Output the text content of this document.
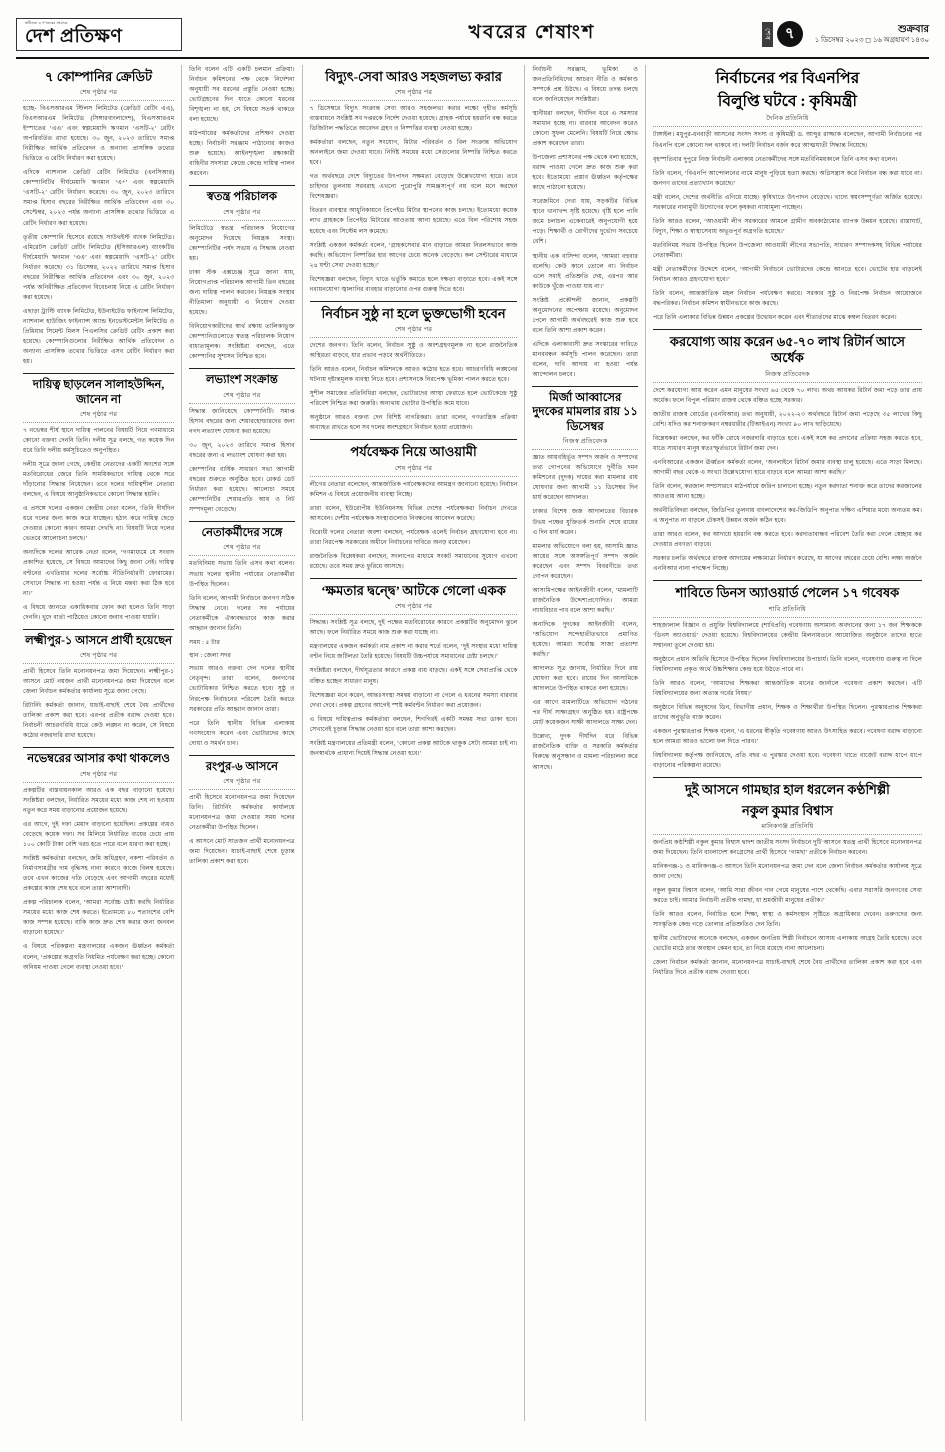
স্বাধীনতা ও গণতন্ত্রের সংগ্রামে
দেশ প্রতিক্ষণ	খবরের শেষাংশ	শেষ ৭	শুক্রবার
১ ডিসেম্বর ২০২৩ ◻ ১৬ অগ্রহায়ণ ১৪৩০
৭ কোম্পানির ক্রেডিট
শেষ পৃষ্ঠার পর

হচ্ছে- বিএসআরএম স্টিলস লিমিটেড (ক্রেডিট রেটিং এএ), বিএসআরএম লিমিটেড (সিঙ্গারবাংলাদেশ), বিএসআরএম ইস্পাতের ‘এএ’ এবং স্বল্পমেয়াদি ঋণমান ‘এসটি-২’ রেটিং অপরিবর্তিত রাখা হয়েছে। ৩০ জুন, ২০২৩ তারিখে সমাপ্ত নিরীক্ষিত আর্থিক প্রতিবেদন ও অন্যান্য প্রাসঙ্গিক তথ্যের ভিত্তিতে এ রেটিং নির্ধারণ করা হয়েছে।

এদিকে ন্যাশনাল ক্রেডিট রেটিং লিমিটেড (এনসিআর) কোম্পানিটির দীর্ঘমেয়াদি ঋণমান ‘এ+’ এবং স্বল্পমেয়াদি ‘এসটি-২’ রেটিং নির্ধারণ করেছে। ৩০ জুন, ২০২৩ তারিখে সমাপ্ত হিসাব বছরের নিরীক্ষিত আর্থিক প্রতিবেদন এবং ৩০ সেপ্টেম্বর, ২০২৩ পর্যন্ত অন্যান্য প্রাসঙ্গিক তথ্যের ভিত্তিতে এ রেটিং নির্ধারণ করা হয়েছে।

তৃতীয় কোম্পানি হিসেবে রয়েছে সাউথইস্ট ব্যাংক লিমিটেড। এমিরেটস ক্রেডিট রেটিং লিমিটেড (ইসিআরএল) ব্যাংকটির দীর্ঘমেয়াদি ঋণমান ‘এএ’ এবং স্বল্পমেয়াদি ‘এসটি-২’ রেটিং নির্ধারণ করেছে। ৩১ ডিসেম্বর, ২০২২ তারিখে সমাপ্ত হিসাব বছরের নিরীক্ষিত আর্থিক প্রতিবেদন এবং ৩০ জুন, ২০২৩ পর্যন্ত অনিরীক্ষিত প্রতিবেদন বিবেচনায় নিয়ে এ রেটিং নির্ধারণ করা হয়েছে।

এছাড়া ট্রাস্টি ব্যাংক লিমিটেড, ইউনাইটেড ফাইন্যান্স লিমিটেড, ন্যাশনাল হাউজিং ফাইন্যান্স অ্যান্ড ইনভেস্টমেন্টস লিমিটেড ও প্রিমিয়ার সিমেন্ট মিলস পিএলসির ক্রেডিট রেটিং প্রকাশ করা হয়েছে। কোম্পানিগুলোর নিরীক্ষিত আর্থিক প্রতিবেদন ও অন্যান্য প্রাসঙ্গিক তথ্যের ভিত্তিতে এসব রেটিং নির্ধারণ করা হয়।

দায়িত্ব ছাড়লেন সালাহউদ্দিন, জানেন না
শেষ পৃষ্ঠার পর

৭ নভেম্বর শীর্ষ স্থানে দায়িত্ব পালনের বিষয়টি নিয়ে গণমাধ্যমে কোনো বক্তব্য দেননি তিনি। দলীয় সূত্র বলছে, গত কয়েক দিন ধরে তিনি দলীয় কর্মসূচিতেও অনুপস্থিত।

দলীয় সূত্রে জানা গেছে, কেন্দ্রীয় নেতাদের একটি অংশের সঙ্গে মতবিরোধের জেরে তিনি সাময়িকভাবে দায়িত্ব থেকে সরে দাঁড়ানোর সিদ্ধান্ত নিয়েছেন। তবে দলের দায়িত্বশীল নেতারা বলছেন, এ বিষয়ে আনুষ্ঠানিকভাবে কোনো সিদ্ধান্ত হয়নি।

এ প্রসঙ্গে দলের একজন কেন্দ্রীয় নেতা বলেন, ‘তিনি দীর্ঘদিন ধরে দলের জন্য কাজ করে যাচ্ছেন। হঠাৎ করে দায়িত্ব ছেড়ে দেওয়ার কোনো কারণ আমরা দেখছি না। বিষয়টি নিয়ে দলের ভেতরে আলোচনা চলছে।’

অন্যদিকে দলের আরেক নেতা বলেন, ‘গণমাধ্যমে যে সংবাদ প্রকাশিত হয়েছে, সে বিষয়ে আমাদের কিছু জানা নেই। দায়িত্ব বণ্টনের এখতিয়ার দলের সর্বোচ্চ নীতিনির্ধারণী ফোরামের। সেখানে সিদ্ধান্ত না হওয়া পর্যন্ত এ নিয়ে মন্তব্য করা ঠিক হবে না।’

এ বিষয়ে জানতে একাধিকবার ফোন করা হলেও তিনি সাড়া দেননি। খুদে বার্তা পাঠিয়েও কোনো জবাব পাওয়া যায়নি।

লক্ষ্মীপুর-১ আসনে প্রার্থী হয়েছেন
শেষ পৃষ্ঠার পর

প্রার্থী হিসেবে তিনি মনোনয়নপত্র জমা দিয়েছেন। লক্ষ্মীপুর-১ আসনে মোট নয়জন প্রার্থী মনোনয়নপত্র জমা দিয়েছেন বলে জেলা নির্বাচন কর্মকর্তার কার্যালয় সূত্রে জানা গেছে।

রিটার্নিং কর্মকর্তা জানান, যাচাই-বাছাই শেষে বৈধ প্রার্থীদের তালিকা প্রকাশ করা হবে। এরপর প্রতীক বরাদ্দ দেওয়া হবে। নির্বাচনী আচরণবিধি যাতে কেউ লঙ্ঘন না করেন, সে বিষয়ে কঠোর নজরদারি রাখা হয়েছে।

নভেম্বরের আসার কথা থাকলেও
শেষ পৃষ্ঠার পর

প্রকল্পটির বাস্তবায়নকাল আরও এক বছর বাড়ানো হয়েছে। সংশ্লিষ্টরা বলছেন, নির্ধারিত সময়ের মধ্যে কাজ শেষ না হওয়ায় নতুন করে সময় বাড়ানোর প্রয়োজন হয়েছে।

এর আগে, দুই দফা মেয়াদ বাড়ানো হয়েছিল। প্রকল্পের ব্যয়ও বেড়েছে কয়েক দফা। সব মিলিয়ে নির্ধারিত ব্যয়ের চেয়ে প্রায় ১০০ কোটি টাকা বেশি খরচ হতে পারে বলে ধারণা করা হচ্ছে।

সংশ্লিষ্ট কর্মকর্তারা বলছেন, জমি অধিগ্রহণ, নকশা পরিবর্তন ও নির্মাণসামগ্রীর দাম বৃদ্ধিসহ নানা কারণে কাজে বিলম্ব হয়েছে। তবে এখন কাজের গতি বেড়েছে এবং আগামী বছরের মধ্যেই প্রকল্পের কাজ শেষ হবে বলে তারা আশাবাদী।

প্রকল্প পরিচালক বলেন, ‘আমরা সর্বোচ্চ চেষ্টা করছি নির্ধারিত সময়ের মধ্যে কাজ শেষ করতে। ইতোমধ্যে ৮০ শতাংশের বেশি কাজ সম্পন্ন হয়েছে। বাকি কাজ দ্রুত শেষ করার জন্য জনবল বাড়ানো হয়েছে।’

এ বিষয়ে পরিকল্পনা মন্ত্রণালয়ের একজন ঊর্ধ্বতন কর্মকর্তা বলেন, ‘প্রকল্পের অগ্রগতি নিয়মিত পর্যবেক্ষণ করা হচ্ছে। কোনো অনিয়ম পাওয়া গেলে ব্যবস্থা নেওয়া হবে।’

তিনি বলেন এটি একটি চলমান প্রক্রিয়া। নির্বাচন কমিশনের পক্ষ থেকে নির্দেশনা অনুযায়ী সব ধরনের প্রস্তুতি নেওয়া হচ্ছে। ভোটগ্রহণের দিন যাতে কোনো ধরনের বিশৃঙ্খলা না হয়, সে বিষয়ে সতর্ক থাকতে বলা হয়েছে।

মাঠপর্যায়ের কর্মকর্তাদের প্রশিক্ষণ দেওয়া হচ্ছে। নির্বাচনী সরঞ্জাম পাঠানোর কাজও শুরু হয়েছে। আইনশৃঙ্খলা রক্ষাকারী বাহিনীর সদস্যরা কেন্দ্রে কেন্দ্রে দায়িত্ব পালন করবেন।

স্বতন্ত্র পরিচালক
শেষ পৃষ্ঠার পর

লিমিটেডে স্বতন্ত্র পরিচালক নিয়োগের অনুমোদন দিয়েছে নিয়ন্ত্রক সংস্থা। কোম্পানিটির পর্ষদ সভায় এ সিদ্ধান্ত নেওয়া হয়।

ঢাকা স্টক এক্সচেঞ্জ সূত্রে জানা যায়, নিয়োগপ্রাপ্ত পরিচালক আগামী তিন বছরের জন্য দায়িত্ব পালন করবেন। নিয়ন্ত্রক সংস্থার নীতিমালা অনুযায়ী এ নিয়োগ দেওয়া হয়েছে।

বিনিয়োগকারীদের স্বার্থ রক্ষায় তালিকাভুক্ত কোম্পানিগুলোতে স্বতন্ত্র পরিচালক নিয়োগ বাধ্যতামূলক। সংশ্লিষ্টরা বলছেন, এতে কোম্পানির সুশাসন নিশ্চিত হবে।

লভ্যাংশ সংক্রান্ত
শেষ পৃষ্ঠার পর

সিদ্ধান্ত জানিয়েছে কোম্পানিটি। সমাপ্ত হিসাব বছরের জন্য শেয়ারহোল্ডারদের জন্য নগদ লভ্যাংশ ঘোষণা করা হয়েছে।

৩০ জুন, ২০২৩ তারিখে সমাপ্ত হিসাব বছরের জন্য এ লভ্যাংশ ঘোষণা করা হয়।

কোম্পানির বার্ষিক সাধারণ সভা আগামী বছরের শুরুতে অনুষ্ঠিত হবে। রেকর্ড ডেট নির্ধারণ করা হয়েছে। আলোচ্য সময়ে কোম্পানিটির শেয়ারপ্রতি আয় ও নিট সম্পদমূল্য বেড়েছে।

নেতাকর্মীদের সঙ্গে
শেষ পৃষ্ঠার পর

মতবিনিময় সভায় তিনি এসব কথা বলেন। সভায় দলের স্থানীয় পর্যায়ের নেতাকর্মীরা উপস্থিত ছিলেন।

তিনি বলেন, আগামী নির্বাচনে জনগণ সঠিক সিদ্ধান্ত নেবে। দলের সব পর্যায়ের নেতাকর্মীকে ঐক্যবদ্ধভাবে কাজ করার আহ্বান জানান তিনি।

সময় : ৫ টার

স্থান : জেলা সদর

সভায় আরও বক্তব্য দেন দলের স্থানীয় নেতৃবৃন্দ। তারা বলেন, জনগণের ভোটাধিকার নিশ্চিত করতে হবে। সুষ্ঠু ও নিরপেক্ষ নির্বাচনের পরিবেশ তৈরি করতে সরকারের প্রতি আহ্বান জানান তারা।

পরে তিনি স্থানীয় বিভিন্ন এলাকায় গণসংযোগ করেন এবং ভোটারদের কাছে দোয়া ও সমর্থন চান।

রংপুর-৬ আসনে
শেষ পৃষ্ঠার পর

প্রার্থী হিসেবে মনোনয়নপত্র জমা দিয়েছেন তিনি। রিটার্নিং কর্মকর্তার কার্যালয়ে মনোনয়নপত্র জমা দেওয়ার সময় দলের নেতাকর্মীরা উপস্থিত ছিলেন।

এ আসনে মোট সাতজন প্রার্থী মনোনয়নপত্র জমা দিয়েছেন। যাচাই-বাছাই শেষে চূড়ান্ত তালিকা প্রকাশ করা হবে।

বিদ্যুৎ-সেবা আরও সহজলভ্য করার
শেষ পৃষ্ঠার পর

৭ ডিসেম্বরে বিদ্যুৎ সংক্রান্ত সেবা আরও সহজলভ্য করার লক্ষ্যে গৃহীত কর্মসূচি বাস্তবায়নে সংশ্লিষ্ট সব দপ্তরকে নির্দেশ দেওয়া হয়েছে। গ্রাহক পর্যায়ে হয়রানি বন্ধ করতে ডিজিটাল পদ্ধতিতে আবেদন গ্রহণ ও নিষ্পত্তির ব্যবস্থা নেওয়া হচ্ছে।

কর্মকর্তারা বলছেন, নতুন সংযোগ, মিটার পরিবর্তন ও বিল সংক্রান্ত অভিযোগ অনলাইনে জমা দেওয়া যাবে। নির্দিষ্ট সময়ের মধ্যে সেগুলোর নিষ্পত্তি নিশ্চিত করতে হবে।

গত অর্থবছরে দেশে বিদ্যুতের উৎপাদন সক্ষমতা বেড়েছে উল্লেখযোগ্য হারে। তবে চাহিদার তুলনায় সরবরাহ এখনো পুরোপুরি সামঞ্জস্যপূর্ণ নয় বলে মনে করছেন বিশেষজ্ঞরা।

বিতরণ ব্যবস্থার আধুনিকায়নে প্রিপেইড মিটার স্থাপনের কাজ চলছে। ইতোমধ্যে কয়েক লাখ গ্রাহককে প্রিপেইড মিটারের আওতায় আনা হয়েছে। এতে বিল পরিশোধ সহজ হয়েছে এবং সিস্টেম লস কমেছে।

সংশ্লিষ্ট একজন কর্মকর্তা বলেন, ‘গ্রাহকসেবার মান বাড়াতে আমরা নিরলসভাবে কাজ করছি। অভিযোগ নিষ্পত্তির হার আগের চেয়ে অনেক বেড়েছে। কল সেন্টারের মাধ্যমে ২৪ ঘণ্টা সেবা দেওয়া হচ্ছে।’

বিশেষজ্ঞরা বলছেন, বিদ্যুৎ খাতে ভর্তুকি কমাতে হলে দক্ষতা বাড়াতে হবে। একই সঙ্গে নবায়নযোগ্য জ্বালানির ব্যবহার বাড়ানোর ওপর গুরুত্ব দিতে হবে।

নির্বাচন সুষ্ঠু না হলে ভুক্তভোগী হবেন
শেষ পৃষ্ঠার পর

দেশের জনগণ। তিনি বলেন, নির্বাচন সুষ্ঠু ও অংশগ্রহণমূলক না হলে রাজনৈতিক অস্থিরতা বাড়বে, যার প্রভাব পড়বে অর্থনীতিতে।

তিনি আরও বলেন, নির্বাচন কমিশনকে আরও কঠোর হতে হবে। আচরণবিধি লঙ্ঘনের ঘটনায় দৃষ্টান্তমূলক ব্যবস্থা নিতে হবে। প্রশাসনকে নিরপেক্ষ ভূমিকা পালন করতে হবে।

সুশীল সমাজের প্রতিনিধিরা বলছেন, ভোটারদের আস্থা ফেরাতে হলে ভোটকেন্দ্রে সুষ্ঠু পরিবেশ নিশ্চিত করা জরুরি। অন্যথায় ভোটার উপস্থিতি কমে যাবে।

অনুষ্ঠানে আরও বক্তব্য দেন বিশিষ্ট নাগরিকরা। তারা বলেন, গণতান্ত্রিক প্রক্রিয়া অব্যাহত রাখতে হলে সব দলের অংশগ্রহণে নির্বাচন হওয়া প্রয়োজন।

পর্যবেক্ষক নিয়ে আওয়ামী
শেষ পৃষ্ঠার পর

লীগের নেতারা বলেছেন, আন্তর্জাতিক পর্যবেক্ষকদের আমন্ত্রণ জানানো হয়েছে। নির্বাচন কমিশন এ বিষয়ে প্রয়োজনীয় ব্যবস্থা নিচ্ছে।

তারা বলেন, ইউরোপীয় ইউনিয়নসহ বিভিন্ন দেশের পর্যবেক্ষকরা নির্বাচন দেখতে আসবেন। দেশীয় পর্যবেক্ষক সংস্থাগুলোও নিবন্ধনের আবেদন করেছে।

বিরোধী দলের নেতারা অবশ্য বলছেন, পর্যবেক্ষক এলেই নির্বাচন গ্রহণযোগ্য হবে না। তারা নিরপেক্ষ সরকারের অধীনে নির্বাচনের দাবিতে অনড় রয়েছেন।

রাজনৈতিক বিশ্লেষকরা বলছেন, সংলাপের মাধ্যমে সংকট সমাধানের সুযোগ এখনো রয়েছে। তবে সময় দ্রুত ফুরিয়ে আসছে।

‘ক্ষমতার দ্বন্দ্বে’ আটকে গেলো একক
শেষ পৃষ্ঠার পর

সিদ্ধান্ত। সংশ্লিষ্ট সূত্র বলছে, দুই পক্ষের মতবিরোধের কারণে প্রকল্পটির অনুমোদন ঝুলে আছে। ফলে নির্ধারিত সময়ে কাজ শুরু করা যাচ্ছে না।

মন্ত্রণালয়ের একজন কর্মকর্তা নাম প্রকাশ না করার শর্তে বলেন, ‘দুই সংস্থার মধ্যে দায়িত্ব বণ্টন নিয়ে জটিলতা তৈরি হয়েছে। বিষয়টি উচ্চপর্যায়ে সমাধানের চেষ্টা চলছে।’

সংশ্লিষ্টরা বলছেন, দীর্ঘসূত্রতার কারণে প্রকল্প ব্যয় বাড়ছে। একই সঙ্গে সেবাপ্রাপ্তি থেকে বঞ্চিত হচ্ছেন সাধারণ মানুষ।

বিশেষজ্ঞরা মনে করেন, আন্তঃসংস্থা সমন্বয় বাড়ানো না গেলে এ ধরনের সমস্যা বারবার দেখা দেবে। প্রকল্প গ্রহণের আগেই স্পষ্ট কর্মবণ্টন নির্ধারণ করা প্রয়োজন।

এ বিষয়ে দায়িত্বপ্রাপ্ত কর্মকর্তারা বলছেন, শিগগিরই একটি সমন্বয় সভা ডাকা হবে। সেখানেই চূড়ান্ত সিদ্ধান্ত নেওয়া হবে বলে তারা আশা করছেন।

সংশ্লিষ্ট মন্ত্রণালয়ের প্রতিমন্ত্রী বলেন, ‘কোনো প্রকল্প আটকে থাকুক সেটা আমরা চাই না। জনস্বার্থকে প্রাধান্য দিয়েই সিদ্ধান্ত নেওয়া হবে।’

নির্বাচনী সরঞ্জাম, ভূমিকা ও জনপ্রতিনিধিদের আচরণ নীতি ও কর্মকাণ্ড সম্পর্কে প্রশ্ন উঠছে। এ বিষয়ে তদন্ত চলছে বলে জানিয়েছেন সংশ্লিষ্টরা।

স্থানীয়রা বলছেন, দীর্ঘদিন ধরে এ সমস্যার সমাধান হচ্ছে না। বারবার আবেদন করেও কোনো সুফল মেলেনি। বিষয়টি নিয়ে ক্ষোভ প্রকাশ করেছেন তারা।

উপজেলা প্রশাসনের পক্ষ থেকে বলা হয়েছে, বরাদ্দ পাওয়া গেলে দ্রুত কাজ শুরু করা হবে। ইতোমধ্যে প্রস্তাব ঊর্ধ্বতন কর্তৃপক্ষের কাছে পাঠানো হয়েছে।

সরেজমিনে দেখা যায়, সড়কটির বিভিন্ন স্থানে খানাখন্দ সৃষ্টি হয়েছে। বৃষ্টি হলে পানি জমে চলাচল একেবারেই অনুপযোগী হয়ে পড়ে। শিক্ষার্থী ও রোগীদের দুর্ভোগ সবচেয়ে বেশি।

স্থানীয় এক বাসিন্দা বলেন, ‘আমরা বহুবার বলেছি। কেউ কানে তোলে না। নির্বাচন এলে সবাই প্রতিশ্রুতি দেয়, এরপর আর কাউকে খুঁজে পাওয়া যায় না।’

সংশ্লিষ্ট প্রকৌশলী জানান, প্রকল্পটি অনুমোদনের অপেক্ষায় রয়েছে। অনুমোদন পেলে আগামী অর্থবছরেই কাজ শুরু হবে বলে তিনি আশা প্রকাশ করেন।

এদিকে এলাকাবাসী দ্রুত সংস্কারের দাবিতে মানববন্ধন কর্মসূচি পালন করেছেন। তারা বলেন, দাবি আদায় না হওয়া পর্যন্ত আন্দোলন চলবে।

মির্জা আব্বাসের দুদকের মামলার রায় ১১ ডিসেম্বর
নিজস্ব প্রতিবেদক

জ্ঞাত আয়বহির্ভূত সম্পদ অর্জন ও সম্পদের তথ্য গোপনের অভিযোগে দুর্নীতি দমন কমিশনের (দুদক) দায়ের করা মামলার রায় ঘোষণার জন্য আগামী ১১ ডিসেম্বর দিন ধার্য করেছেন আদালত।

ঢাকার বিশেষ জজ আদালতের বিচারক উভয় পক্ষের যুক্তিতর্ক শুনানি শেষে রায়ের এ দিন ধার্য করেন।

মামলার অভিযোগে বলা হয়, আসামি জ্ঞাত আয়ের সঙ্গে অসঙ্গতিপূর্ণ সম্পদ অর্জন করেছেন এবং সম্পদ বিবরণীতে তথ্য গোপন করেছেন।

আসামিপক্ষের আইনজীবী বলেন, ‘মামলাটি রাজনৈতিক উদ্দেশ্যপ্রণোদিত। আমরা ন্যায়বিচার পাব বলে আশা করছি।’

অন্যদিকে দুদকের আইনজীবী বলেন, ‘অভিযোগ সন্দেহাতীতভাবে প্রমাণিত হয়েছে। আমরা সর্বোচ্চ সাজা প্রত্যাশা করছি।’

আদালত সূত্র জানায়, নির্ধারিত দিনে রায় ঘোষণা করা হবে। রায়ের দিন আসামিকে আদালতে উপস্থিত থাকতে বলা হয়েছে।

এর আগে মামলাটিতে অভিযোগ গঠনের পর দীর্ঘ সাক্ষ্যগ্রহণ অনুষ্ঠিত হয়। রাষ্ট্রপক্ষে মোট কয়েকজন সাক্ষী আদালতে সাক্ষ্য দেন।

উল্লেখ্য, দুদক দীর্ঘদিন ধরে বিভিন্ন রাজনৈতিক ব্যক্তি ও সরকারি কর্মকর্তার বিরুদ্ধে অনুসন্ধান ও মামলা পরিচালনা করে আসছে।

নির্বাচনের পর বিএনপির
বিলুপ্তি ঘটবে : কৃষিমন্ত্রী
দৈনিক প্রতিনিধি

টাঙ্গাইল। মধুপুর-ধনবাড়ী আসনের সংসদ সদস্য ও কৃষিমন্ত্রী ড. আব্দুর রাজ্জাক বলেছেন, আগামী নির্বাচনের পর বিএনপি বলে কোনো দল থাকবে না। দলটি নির্বাচন বর্জন করে আত্মঘাতী সিদ্ধান্ত নিয়েছে।

বৃহস্পতিবার দুপুরে নিজ নির্বাচনী এলাকায় নেতাকর্মীদের সঙ্গে মতবিনিময়কালে তিনি এসব কথা বলেন।

তিনি বলেন, ‘বিএনপি আন্দোলনের নামে মানুষ পুড়িয়ে হত্যা করছে। অগ্নিসন্ত্রাস করে নির্বাচন বন্ধ করা যাবে না। জনগণ তাদের প্রত্যাখ্যান করেছে।’

মন্ত্রী বলেন, দেশের অর্থনীতি এগিয়ে যাচ্ছে। কৃষিখাতে উৎপাদন বেড়েছে। খাদ্যে স্বয়ংসম্পূর্ণতা অর্জিত হয়েছে। সরকারের নানামুখী উদ্যোগের ফলে কৃষকরা ন্যায্যমূল্য পাচ্ছেন।

তিনি আরও বলেন, ‘আওয়ামী লীগ সরকারের আমলে গ্রামীণ অবকাঠামোর ব্যাপক উন্নয়ন হয়েছে। রাস্তাঘাট, বিদ্যুৎ, শিক্ষা ও স্বাস্থ্যসেবায় অভূতপূর্ব অগ্রগতি হয়েছে।’

মতবিনিময় সভায় উপস্থিত ছিলেন উপজেলা আওয়ামী লীগের সভাপতি, সাধারণ সম্পাদকসহ বিভিন্ন পর্যায়ের নেতাকর্মীরা।

মন্ত্রী নেতাকর্মীদের উদ্দেশে বলেন, ‘আগামী নির্বাচনে ভোটারদের কেন্দ্রে আনতে হবে। ভোটের হার বাড়লেই নির্বাচন আরও গ্রহণযোগ্য হবে।’

তিনি বলেন, আন্তর্জাতিক মহল নির্বাচন পর্যবেক্ষণ করবে। সরকার সুষ্ঠু ও নিরপেক্ষ নির্বাচন আয়োজনে বদ্ধপরিকর। নির্বাচন কমিশন স্বাধীনভাবে কাজ করছে।

পরে তিনি এলাকার বিভিন্ন উন্নয়ন প্রকল্পের উদ্বোধন করেন এবং শীতার্তদের মাঝে কম্বল বিতরণ করেন।

করযোগ্য আয় করেন ৬৫-৭০ লাখ রিটার্ন আসে অর্ধেক
নিজস্ব প্রতিবেদক

দেশে করযোগ্য আয় করেন এমন মানুষের সংখ্যা ৬৫ থেকে ৭০ লাখ। অথচ আয়কর রিটার্ন জমা পড়ে তার প্রায় অর্ধেক। ফলে বিপুল পরিমাণ রাজস্ব থেকে বঞ্চিত হচ্ছে সরকার।

জাতীয় রাজস্ব বোর্ডের (এনবিআর) তথ্য অনুযায়ী, ২০২২-২৩ অর্থবছরে রিটার্ন জমা পড়েছে ৩৫ লাখের কিছু বেশি। যদিও কর শনাক্তকরণ নম্বরধারীর (টিআইএন) সংখ্যা ৯০ লাখ ছাড়িয়েছে।

বিশ্লেষকরা বলছেন, কর ফাঁকি রোধে নজরদারি বাড়াতে হবে। একই সঙ্গে কর প্রদানের প্রক্রিয়া সহজ করতে হবে, যাতে সাধারণ মানুষ স্বতঃস্ফূর্তভাবে রিটার্ন জমা দেন।

এনবিআরের একজন ঊর্ধ্বতন কর্মকর্তা বলেন, ‘অনলাইনে রিটার্ন জমার ব্যবস্থা চালু হয়েছে। এতে সাড়া মিলছে। আগামী বছর থেকে এ সংখ্যা উল্লেখযোগ্য হারে বাড়বে বলে আমরা আশা করছি।’

তিনি বলেন, করজাল সম্প্রসারণে মাঠপর্যায়ে জরিপ চালানো হচ্ছে। নতুন করদাতা শনাক্ত করে তাদের করজালের আওতায় আনা হচ্ছে।

অর্থনীতিবিদরা বলছেন, জিডিপির তুলনায় বাংলাদেশের কর-জিডিপি অনুপাত দক্ষিণ এশিয়ার মধ্যে অন্যতম কম। এ অনুপাত না বাড়লে টেকসই উন্নয়ন অর্জন কঠিন হবে।

তারা আরও বলেন, কর আদায়ে হয়রানি বন্ধ করতে হবে। করদাতাবান্ধব পরিবেশ তৈরি করা গেলে স্বেচ্ছায় কর দেওয়ার প্রবণতা বাড়বে।

সরকার চলতি অর্থবছরে রাজস্ব আদায়ের লক্ষ্যমাত্রা নির্ধারণ করেছে, যা আগের বছরের চেয়ে বেশি। লক্ষ্য অর্জনে এনবিআর নানা পদক্ষেপ নিচ্ছে।

শাবিতে ডিনস অ্যাওয়ার্ড পেলেন ১৭ গবেষক
শাবি প্রতিনিধি

শাহজালাল বিজ্ঞান ও প্রযুক্তি বিশ্ববিদ্যালয়ে (শাবিপ্রবি) গবেষণায় অসামান্য অবদানের জন্য ১৭ জন শিক্ষককে ‘ডিনস অ্যাওয়ার্ড’ দেওয়া হয়েছে। বিশ্ববিদ্যালয়ের কেন্দ্রীয় মিলনায়তনে আয়োজিত অনুষ্ঠানে তাদের হাতে সম্মাননা তুলে দেওয়া হয়।

অনুষ্ঠানে প্রধান অতিথি হিসেবে উপস্থিত ছিলেন বিশ্ববিদ্যালয়ের উপাচার্য। তিনি বলেন, গবেষণায় গুরুত্ব না দিলে বিশ্ববিদ্যালয় প্রকৃত অর্থে উচ্চশিক্ষার কেন্দ্র হয়ে উঠতে পারে না।

তিনি আরও বলেন, ‘আমাদের শিক্ষকরা আন্তর্জাতিক মানের জার্নালে গবেষণা প্রকাশ করছেন। এটি বিশ্ববিদ্যালয়ের জন্য অত্যন্ত গর্বের বিষয়।’

অনুষ্ঠানে বিভিন্ন অনুষদের ডিন, বিভাগীয় প্রধান, শিক্ষক ও শিক্ষার্থীরা উপস্থিত ছিলেন। পুরস্কারপ্রাপ্ত শিক্ষকরা তাদের অনুভূতি ব্যক্ত করেন।

একজন পুরস্কারপ্রাপ্ত শিক্ষক বলেন, ‘এ ধরনের স্বীকৃতি গবেষণায় আরও উৎসাহিত করবে। গবেষণা বরাদ্দ বাড়ানো হলে আমরা আরও ভালো ফল দিতে পারব।’

বিশ্ববিদ্যালয় কর্তৃপক্ষ জানিয়েছে, প্রতি বছর এ পুরস্কার দেওয়া হবে। গবেষণা খাতে বাজেট বরাদ্দ ধাপে ধাপে বাড়ানোর পরিকল্পনা রয়েছে।

দুই আসনে গামছার হাল ধরলেন কণ্ঠশিল্পী
নকুল কুমার বিশ্বাস
মানিকগঞ্জ প্রতিনিধি

জনপ্রিয় কণ্ঠশিল্পী নকুল কুমার বিশ্বাস দ্বাদশ জাতীয় সংসদ নির্বাচনে দুটি আসনে স্বতন্ত্র প্রার্থী হিসেবে মনোনয়নপত্র জমা দিয়েছেন। তিনি বাংলাদেশ কংগ্রেসের প্রার্থী হিসেবে ‘গামছা’ প্রতীকে নির্বাচন করবেন।

মানিকগঞ্জ-১ ও মানিকগঞ্জ-৩ আসনে তিনি মনোনয়নপত্র জমা দেন বলে জেলা নির্বাচন কর্মকর্তার কার্যালয় সূত্রে জানা গেছে।

নকুল কুমার বিশ্বাস বলেন, ‘আমি সারা জীবন গান গেয়ে মানুষের পাশে থেকেছি। এবার সরাসরি জনগণের সেবা করতে চাই। আমার নির্বাচনী প্রতীক গামছা, যা শ্রমজীবী মানুষের প্রতীক।’

তিনি আরও বলেন, নির্বাচিত হলে শিক্ষা, স্বাস্থ্য ও কর্মসংস্থান সৃষ্টিতে অগ্রাধিকার দেবেন। তরুণদের জন্য সাংস্কৃতিক কেন্দ্র গড়ে তোলার প্রতিশ্রুতিও দেন তিনি।

স্থানীয় ভোটারদের অনেকে বলছেন, একজন জনপ্রিয় শিল্পী নির্বাচনে আসায় এলাকায় আগ্রহ তৈরি হয়েছে। তবে ভোটের মাঠে তার অবস্থান কেমন হবে, তা নিয়ে রয়েছে নানা আলোচনা।

জেলা নির্বাচন কর্মকর্তা জানান, মনোনয়নপত্র যাচাই-বাছাই শেষে বৈধ প্রার্থীদের তালিকা প্রকাশ করা হবে এবং নির্ধারিত দিনে প্রতীক বরাদ্দ দেওয়া হবে।
